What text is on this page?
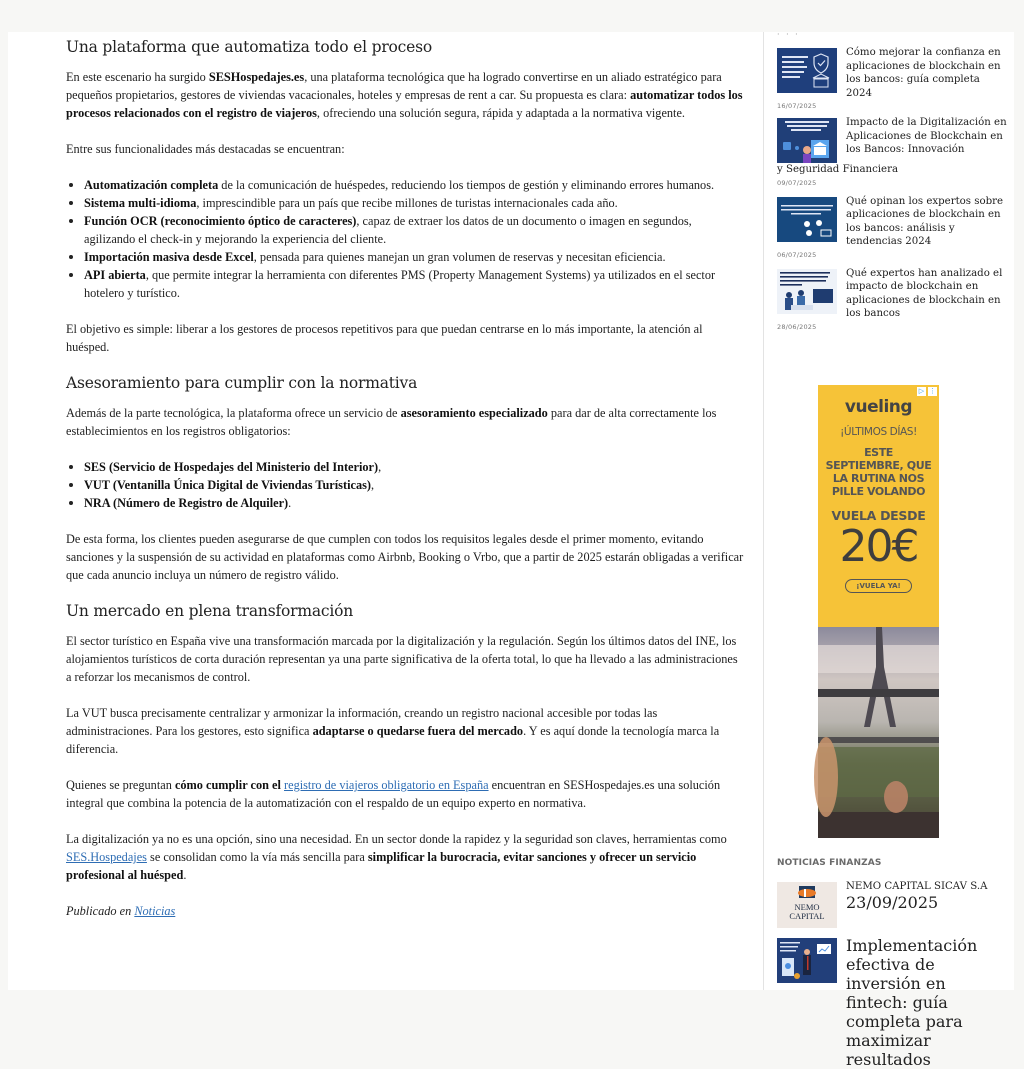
Una plataforma que automatiza todo el proceso

En este escenario ha surgido SESHospedajes.es, una plataforma tecnológica que ha logrado convertirse en un aliado estratégico para pequeños propietarios, gestores de viviendas vacacionales, hoteles y empresas de rent a car. Su propuesta es clara: automatizar todos los procesos relacionados con el registro de viajeros, ofreciendo una solución segura, rápida y adaptada a la normativa vigente.

Entre sus funcionalidades más destacadas se encuentran:

Automatización completa de la comunicación de huéspedes, reduciendo los tiempos de gestión y eliminando errores humanos.
Sistema multi-idioma, imprescindible para un país que recibe millones de turistas internacionales cada año.
Función OCR (reconocimiento óptico de caracteres), capaz de extraer los datos de un documento o imagen en segundos, agilizando el check-in y mejorando la experiencia del cliente.
Importación masiva desde Excel, pensada para quienes manejan un gran volumen de reservas y necesitan eficiencia.
API abierta, que permite integrar la herramienta con diferentes PMS (Property Management Systems) ya utilizados en el sector hotelero y turístico.

El objetivo es simple: liberar a los gestores de procesos repetitivos para que puedan centrarse en lo más importante, la atención al huésped.

Asesoramiento para cumplir con la normativa

Además de la parte tecnológica, la plataforma ofrece un servicio de asesoramiento especializado para dar de alta correctamente los establecimientos en los registros obligatorios:

SES (Servicio de Hospedajes del Ministerio del Interior),
VUT (Ventanilla Única Digital de Viviendas Turísticas),
NRA (Número de Registro de Alquiler).

De esta forma, los clientes pueden asegurarse de que cumplen con todos los requisitos legales desde el primer momento, evitando sanciones y la suspensión de su actividad en plataformas como Airbnb, Booking o Vrbo, que a partir de 2025 estarán obligadas a verificar que cada anuncio incluya un número de registro válido.

Un mercado en plena transformación

El sector turístico en España vive una transformación marcada por la digitalización y la regulación. Según los últimos datos del INE, los alojamientos turísticos de corta duración representan ya una parte significativa de la oferta total, lo que ha llevado a las administraciones a reforzar los mecanismos de control.

La VUT busca precisamente centralizar y armonizar la información, creando un registro nacional accesible por todas las administraciones. Para los gestores, esto significa adaptarse o quedarse fuera del mercado. Y es aquí donde la tecnología marca la diferencia.

Quienes se preguntan cómo cumplir con el registro de viajeros obligatorio en España encuentran en SESHospedajes.es una solución integral que combina la potencia de la automatización con el respaldo de un equipo experto en normativa.

La digitalización ya no es una opción, sino una necesidad. En un sector donde la rapidez y la seguridad son claves, herramientas como SES.Hospedajes se consolidan como la vía más sencilla para simplificar la burocracia, evitar sanciones y ofrecer un servicio profesional al huésped.

Publicado en Noticias

· · ·
Cómo mejorar la confianza en aplicaciones de blockchain en los bancos: guía completa 2024
16/07/2025
Impacto de la Digitalización en Aplicaciones de Blockchain en los Bancos: Innovación
y Seguridad Financiera
09/07/2025
Qué opinan los expertos sobre aplicaciones de blockchain en los bancos: análisis y tendencias 2024
06/07/2025
Qué expertos han analizado el impacto de blockchain en aplicaciones de blockchain en los bancos
28/06/2025
▷ ⋮
vueling
¡ÚLTIMOS DÍAS!
ESTE SEPTIEMBRE, QUE LA RUTINA NOS PILLE VOLANDO
VUELA DESDE
20€
¡VUELA YA!
NOTICIAS FINANZAS
NEMO
CAPITAL
NEMO CAPITAL SICAV S.A
23/09/2025
Implementación efectiva de inversión en fintech: guía completa para maximizar resultados
